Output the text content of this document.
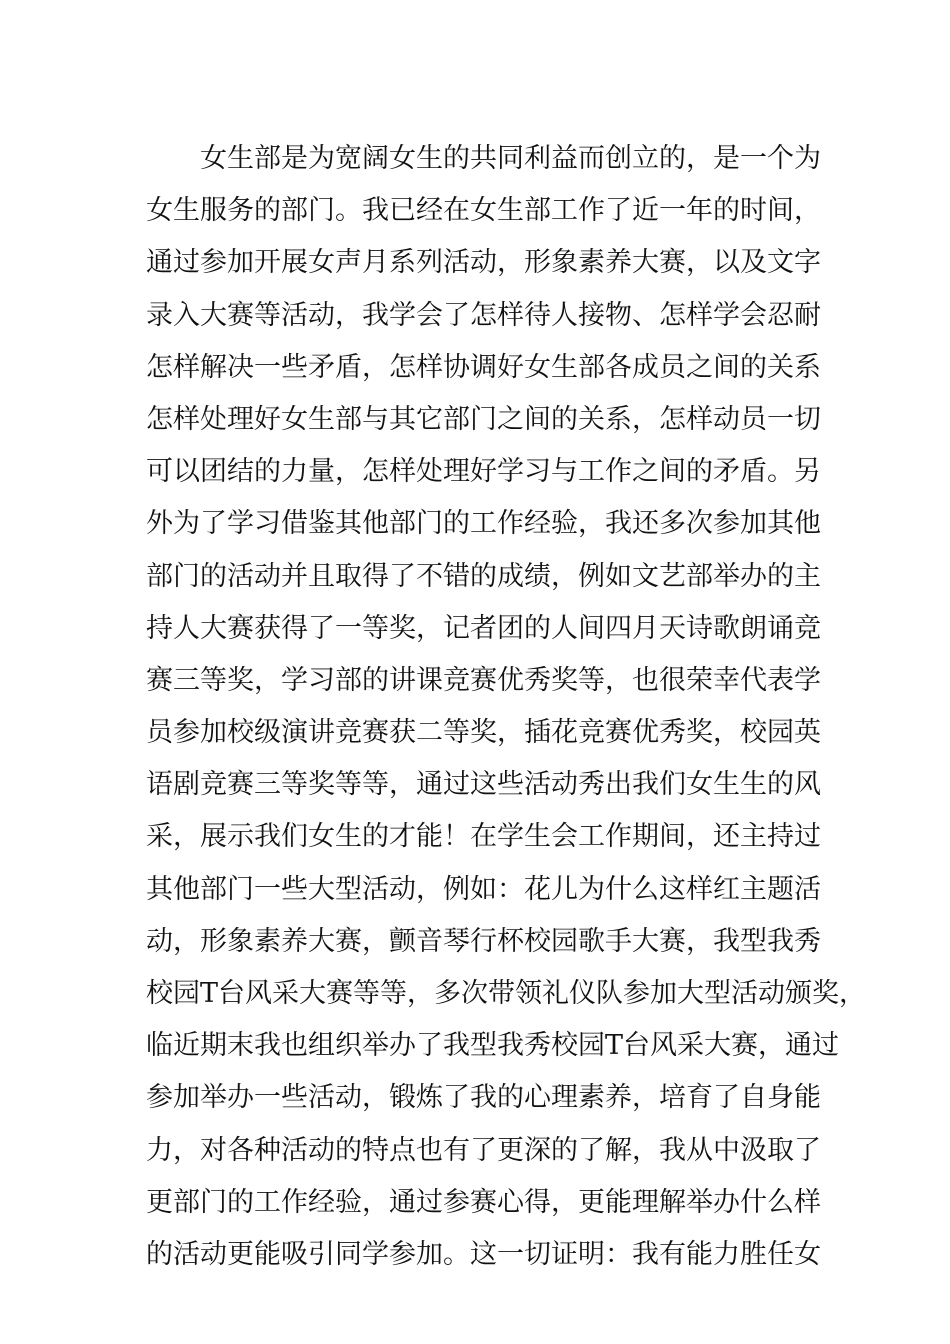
女生部是为宽阔女生的共同利益而创立的，是一个为
女生服务的部门。我已经在女生部工作了近一年的时间，
通过参加开展女声月系列活动，形象素养大赛，以及文字
录入大赛等活动，我学会了怎样待人接物、怎样学会忍耐
怎样解决一些矛盾，怎样协调好女生部各成员之间的关系
怎样处理好女生部与其它部门之间的关系，怎样动员一切
可以团结的力量，怎样处理好学习与工作之间的矛盾。另
外为了学习借鉴其他部门的工作经验，我还多次参加其他
部门的活动并且取得了不错的成绩，例如文艺部举办的主
持人大赛获得了一等奖，记者团的人间四月天诗歌朗诵竞
赛三等奖，学习部的讲课竞赛优秀奖等，也很荣幸代表学
员参加校级演讲竞赛获二等奖，插花竞赛优秀奖，校园英
语剧竞赛三等奖等等，通过这些活动秀出我们女生生的风
采，展示我们女生的才能！在学生会工作期间，还主持过
其他部门一些大型活动，例如：花儿为什么这样红主题活
动，形象素养大赛，颤音琴行杯校园歌手大赛，我型我秀
校园T台风采大赛等等，多次带领礼仪队参加大型活动颁奖，
临近期末我也组织举办了我型我秀校园T台风采大赛，通过
参加举办一些活动，锻炼了我的心理素养，培育了自身能
力，对各种活动的特点也有了更深的了解，我从中汲取了
更部门的工作经验，通过参赛心得，更能理解举办什么样
的活动更能吸引同学参加。这一切证明：我有能力胜任女
